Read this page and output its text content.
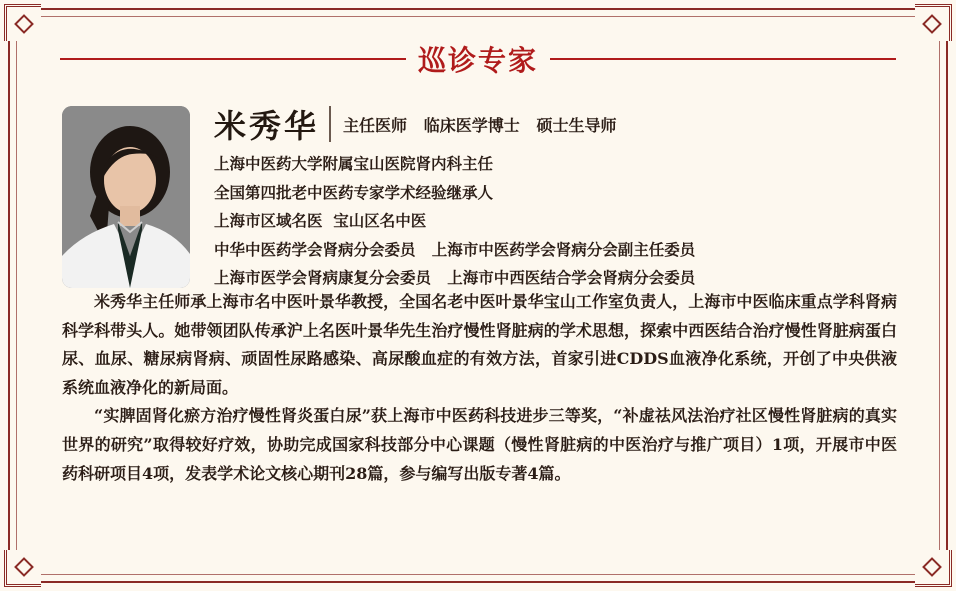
巡诊专家
米秀华 主任医师   临床医学博士   硕士生导师
上海中医药大学附属宝山医院肾内科主任
全国第四批老中医药专家学术经验继承人
上海市区域名医  宝山区名中医
中华中医药学会肾病分会委员   上海市中医药学会肾病分会副主任委员
上海市医学会肾病康复分会委员   上海市中西医结合学会肾病分会委员

米秀华主任师承上海市名中医叶景华教授，全国名老中医叶景华宝山工作室负责人，上海市中医临床重点学科肾病科学科带头人。她带领团队传承沪上名医叶景华先生治疗慢性肾脏病的学术思想，探索中西医结合治疗慢性肾脏病蛋白尿、血尿、糖尿病肾病、顽固性尿路感染、高尿酸血症的有效方法，首家引进CDDS血液净化系统，开创了中央供液系统血液净化的新局面。

“实脾固肾化瘀方治疗慢性肾炎蛋白尿”获上海市中医药科技进步三等奖，“补虚祛风法治疗社区慢性肾脏病的真实世界的研究”取得较好疗效，协助完成国家科技部分中心课题（慢性肾脏病的中医治疗与推广项目）1项，开展市中医药科研项目4项，发表学术论文核心期刊28篇，参与编写出版专著4篇。
